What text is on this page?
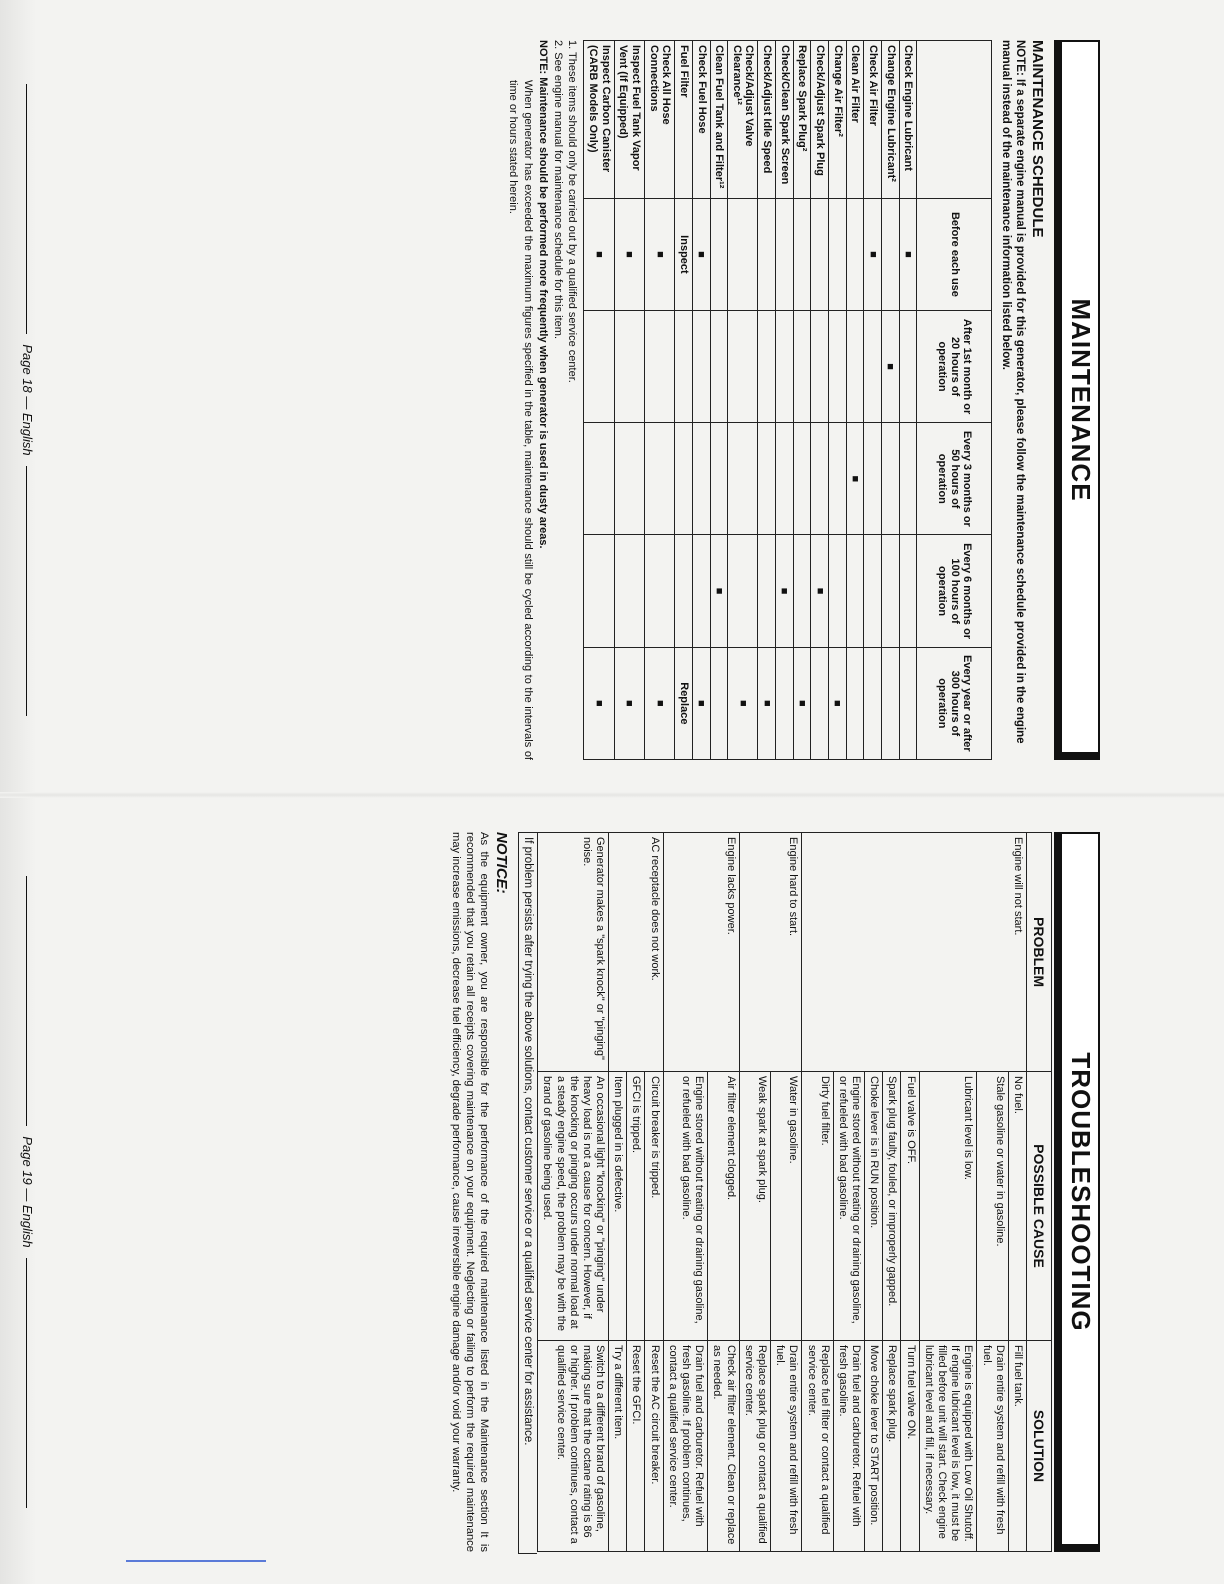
MAINTENANCE
MAINTENANCE SCHEDULE
NOTE: If a separate engine manual is provided for this generator, please follow the maintenance schedule provided in the engine manual instead of the maintenance information listed below.
	Before each use	After 1st month or 20 hours of operation	Every 3 months or 50 hours of operation	Every 6 months or 100 hours of operation	Every year or after 300 hours of operation
Check Engine Lubricant	■				
Change Engine Lubricant²		■			
Check Air Filter	■				
Clean Air Filter			■		
Change Air Filter²					■
Check/Adjust Spark Plug				■	
Replace Spark Plug²					■
Check/Clean Spark Screen				■	
Check/Adjust Idle Speed					■
Check/Adjust Valve Clearance¹²					■
Clean Fuel Tank and Filter¹²				■	
Check Fuel Hose	■				■
Fuel Filter	Inspect				Replace
Check All Hose Connections	■				■
Inspect Fuel Tank Vapor Vent (If Equipped)	■				■
Inspect Carbon Canister (CARB Models Only)	■				■

1. These items should only be carried out by a qualified service center.

2. See engine manual for maintenance schedule for this item.

NOTE: Maintenance should be performed more frequently when generator is used in dusty areas.

When generator has exceeded the maximum figures specified in the table, maintenance should still be cycled according to the intervals of time or hours stated herein.

Page 18 — English
TROUBLESHOOTING
PROBLEM	POSSIBLE CAUSE	SOLUTION
Engine will not start.	No fuel.	Fill fuel tank.
	Stale gasoline or water in gasoline.	Drain entire system and refill with fresh fuel.
	Lubricant level is low.	Engine is equipped with Low Oil Shutoff. If engine lubricant level is low, it must be filled before unit will start. Check engine lubricant level and fill, if necessary.
	Fuel valve is OFF.	Turn fuel valve ON.
	Spark plug faulty, fouled, or improperly gapped.	Replace spark plug.
	Choke lever is in RUN position.	Move choke lever to START position.
	Engine stored without treating or draining gasoline, or refueled with bad gasoline.	Drain fuel and carburetor. Refuel with fresh gasoline.
	Dirty fuel filter.	Replace fuel filter or contact a qualified service center.
Engine hard to start.	Water in gasoline.	Drain entire system and refill with fresh fuel.
	Weak spark at spark plug.	Replace spark plug or contact a qualified service center.
Engine lacks power.	Air filter element clogged.	Check air filter element. Clean or replace as needed.
	Engine stored without treating or draining gasoline, or refueled with bad gasoline.	Drain fuel and carburetor. Refuel with fresh gasoline. If problem continues, contact a qualified service center.
AC receptacle does not work.	Circuit breaker is tripped.	Reset the AC circuit breaker.
	GFCI is tripped.	Reset the GFCI.
	Item plugged in is defective.	Try a different item.
Generator makes a "spark knock" or "pinging" noise.	An occasional light "knocking" or "pinging" under heavy load is not a cause for concern. However, if the knocking or pinging occurs under normal load at a steady engine speed, the problem may be with the brand of gasoline being used.	Switch to a different brand of gasoline, making sure that the octane rating is 86 or higher. If problem continues, contact a qualified service center.
If problem persists after trying the above solutions, contact customer service or a qualified service center for assistance.
NOTICE:
As the equipment owner, you are responsible for the performance of the required maintenance listed in the Maintenance section It is recommended that you retain all receipts covering maintenance on your equipment. Neglecting or failing to perform the required maintenance may increase emissions, decrease fuel efficiency, degrade performance, cause irreversible engine damage and/or void your warranty.
Page 19 — English
